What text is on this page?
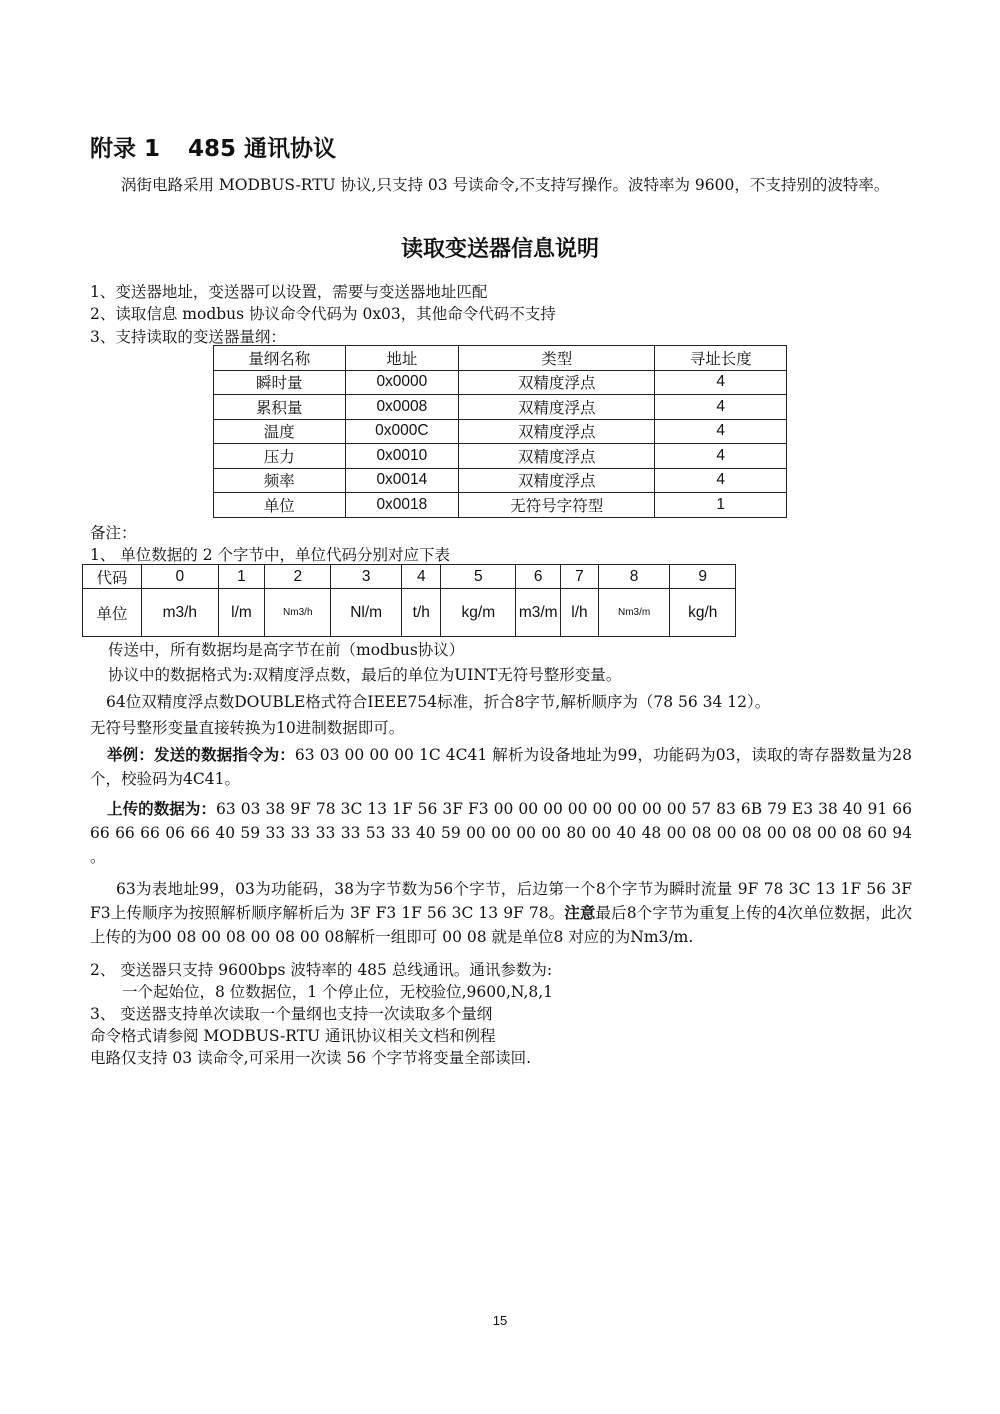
附录 1 485 通讯协议
涡街电路采用 MODBUS-RTU 协议,只支持 03 号读命令,不支持写操作。波特率为 9600，不支持别的波特率。
读取变送器信息说明
1、变送器地址，变送器可以设置，需要与变送器地址匹配
2、读取信息 modbus 协议命令代码为 0x03，其他命令代码不支持
3、支持读取的变送器量纲：
量纲名称	地址	类型	寻址长度
瞬时量	0x0000	双精度浮点	4
累积量	0x0008	双精度浮点	4
温度	0x000C	双精度浮点	4
压力	0x0010	双精度浮点	4
频率	0x0014	双精度浮点	4
单位	0x0018	无符号字符型	1
备注：
1、 单位数据的 2 个字节中，单位代码分别对应下表
代码	0	1	2	3	4	5	6	7	8	9
单位	m3/h	l/m	Nm3/h	Nl/m	t/h	kg/m	m3/m	l/h	Nm3/m	kg/h
传送中，所有数据均是高字节在前（modbus协议）
协议中的数据格式为:双精度浮点数，最后的单位为UINT无符号整形变量。
64位双精度浮点数DOUBLE格式符合IEEE754标准，折合8字节,解析顺序为（78 56 34 12）。
无符号整形变量直接转换为10进制数据即可。
举例：发送的数据指令为：63 03 00 00 00 1C 4C41 解析为设备地址为99，功能码为03，读取的寄存器数量为28个，校验码为4C41。
上传的数据为：63 03 38 9F 78 3C 13 1F 56 3F F3 00 00 00 00 00 00 00 00 57 83 6B 79 E3 38 40 91 66 66 66 66 06 66 40 59 33 33 33 33 53 33 40 59 00 00 00 00 80 00 40 48 00 08 00 08 00 08 00 08 60 94 。
63为表地址99，03为功能码，38为字节数为56个字节，后边第一个8个字节为瞬时流量 9F 78 3C 13 1F 56 3F F3上传顺序为按照解析顺序解析后为 3F F3 1F 56 3C 13 9F 78。注意最后8个字节为重复上传的4次单位数据，此次上传的为00 08 00 08 00 08 00 08解析一组即可 00 08 就是单位8 对应的为Nm3/m.
2、 变送器只支持 9600bps 波特率的 485 总线通讯。通讯参数为:
一个起始位，8 位数据位，1 个停止位，无校验位,9600,N,8,1
3、 变送器支持单次读取一个量纲也支持一次读取多个量纲
命令格式请参阅 MODBUS-RTU 通讯协议相关文档和例程
电路仅支持 03 读命令,可采用一次读 56 个字节将变量全部读回.
15
